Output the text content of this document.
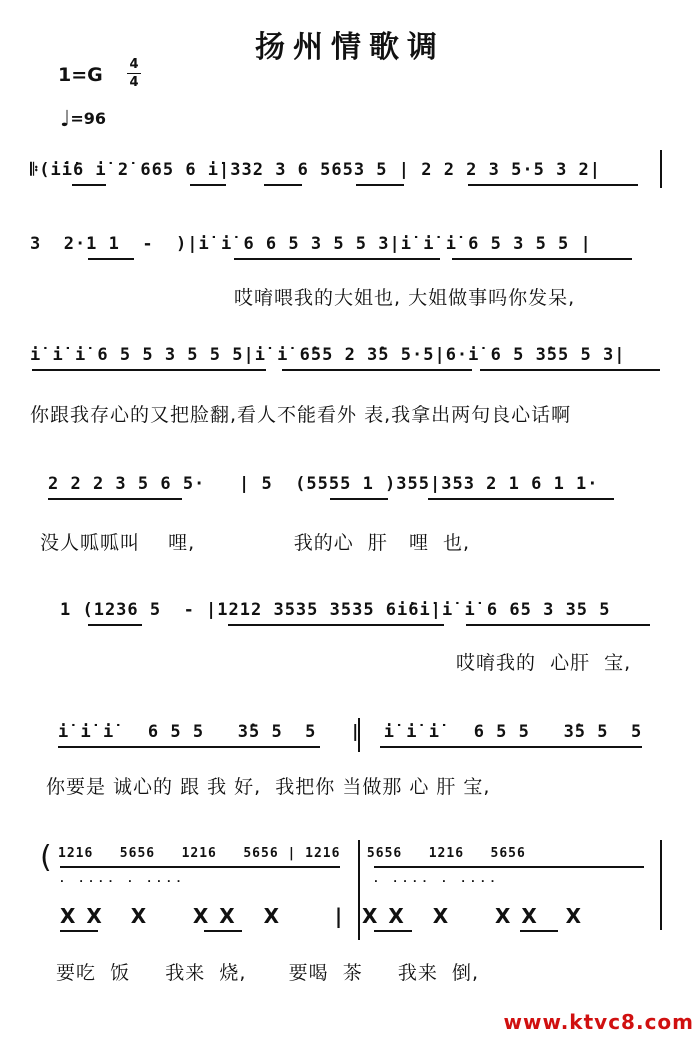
扬州情歌调
1=G 4
4
♩=96
𝄆(i̇i̇6 i̇ 2̇ 665 6 i̇|332 3 6 5653 5 | 2 2 2 3 5·5 3 2|
3  2·1 1  -  )|i̇ i̇ 6 6 5 3 5 5 3|i̇ i̇ i̇ 6 5 3 5 5 |
哎唷喂我的大姐也, 大姐做事吗你发呆,
i̇ i̇ i̇ 6 5 5 3 5 5 5|i̇ i̇ 6̂55 2 3̂5 5·5|6·i̇ 6 5 3̂55 5 3|
你跟我存心的又把脸翻,看人不能看外 表,我拿出两句良心话啊
2 2 2 3 5 6 5·   | 5  (5555 1 )355|353 2 1 6 1 1·
没人呱呱叫    哩,              我的心  肝   哩  也,
1 (1236 5  - |1212 3535 3535 6i̇6i̇|i̇ i̇ 6 65 3 35 5
哎唷我的  心肝  宝,
i̇ i̇ i̇   6 5 5   3̂5 5  5   |  i̇ i̇ i̇   6 5 5   3̂5 5  5
你要是 诚心的 跟 我 好,  我把你 当做那 心 肝 宝,
( 1216   5656   1216   5656 | 1216   5656   1216   5656
. .... . ....	. .... . ....
X X   X     X X   X      |  X X   X     X X   X
要吃  饭     我来  烧,      要喝  茶     我来  倒,
www.ktvc8.com
